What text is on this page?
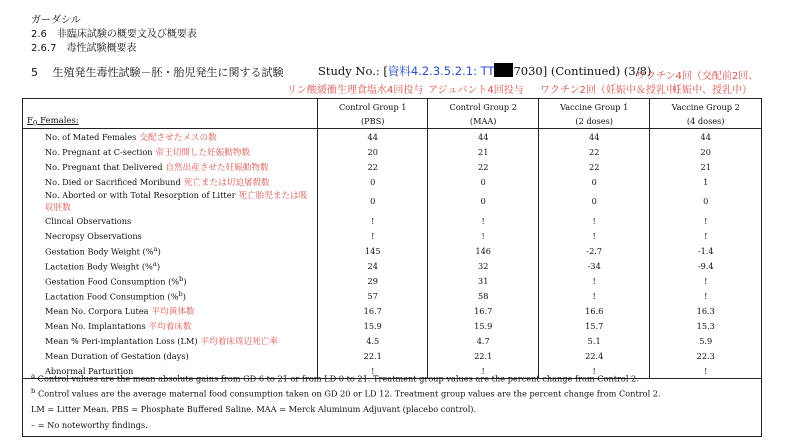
ガーダシル
2.6　非臨床試験の概要文及び概要表
2.6.7　毒性試験概要表
5 生殖発生毒性試験－胚・胎児発生に関する試験	Study No.: [資料4.2.3.5.2.1: TT 7030] (Continued) (3/8)
リン酸緩衝生理食塩水4回投与 アジュバント4回投与 ワクチン2回（妊娠中＆授乳中）
ワクチン4回（交配前2回、
妊娠中、授乳中）
	Control Group 1	Control Group 2	Vaccine Group 1	Vaccine Group 2
$F_0$ Females:	(PBS)	(MAA)	(2 doses)	(4 doses)
No. of Mated Females 交配させたメスの数	44	44	44	44
No. Pregnant at C-section 帝王切開した妊娠動物数	20	21	22	20
No. Pregnant that Delivered 自然出産させた妊娠動物数	22	22	22	21
No. Died or Sacrificed Moribund 死亡または切迫屠殺数	0	0	0	1
No. Aborted or with Total Resorption of Litter 死亡胎児または吸収胚数	0	0	0	0
Clincal Observations	!	!	!	!
Necropsy Observations	!	!	!	!
Gestation Body Weight (%$^a$)	145	146	-2.7	-1.4
Lactation Body Weight (%$^a$)	24	32	-34	-9.4
Gestation Food Consumption (%$^b$)	29	31	!	!
Lactation Food Consumption (%$^b$)	57	58	!	!
Mean No. Corpora Lutea 平均黄体数	16.7	16.7	16.6	16.3
Mean No. Implantations 平均着床数	15.9	15.9	15.7	15.3
Mean % Peri-implantation Loss (LM) 平均着床周辺死亡率	4.5	4.7	5.1	5.9
Mean Duration of Gestation (days)	22.1	22.1	22.4	22.3
Abnormal Parturition	!	!	!	!
$^a$ Control values are the mean absolute gains from GD 6 to 21 or from LD 0 to 21. Treatment group values are the percent change from Control 2.
$^b$ Control values are the average maternal food consumption taken on GD 20 or LD 12. Treatment group values are the percent change from Control 2.
LM = Litter Mean. PBS = Phosphate Buffered Saline. MAA = Merck Aluminum Adjuvant (placebo control).
– = No noteworthy findings.
